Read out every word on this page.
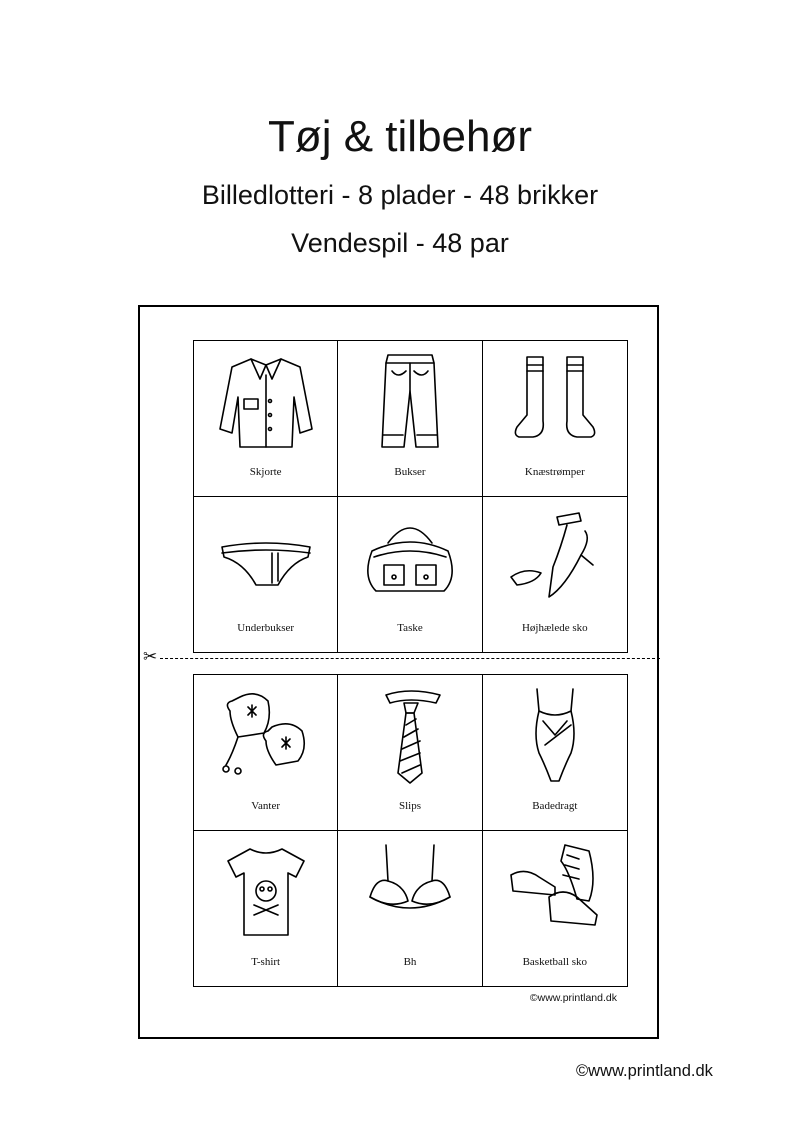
Tøj & tilbehør
Billedlotteri - 8 plader - 48 brikker
Vendespil - 48 par
Skjorte	Bukser	Knæstrømper
Underbukser	Taske	Højhælede sko
Vanter	Slips	Badedragt
T-shirt	Bh	Basketball sko
©www.printland.dk
✂
©www.printland.dk
